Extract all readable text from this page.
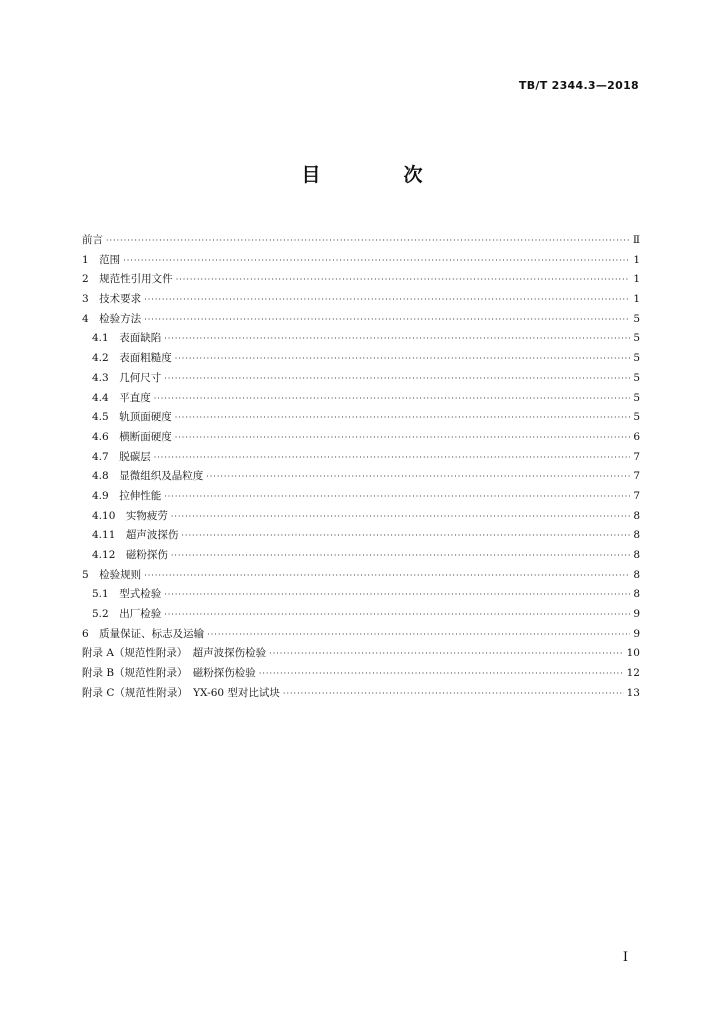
TB/T 2344.3—2018
目　次
前言 ·····	Ⅱ
1　范围 ·····	1
2　规范性引用文件 ·····	1
3　技术要求 ·····	1
4　检验方法 ·····	5
4.1　表面缺陷 ·····	5
4.2　表面粗糙度 ·····	5
4.3　几何尺寸 ·····	5
4.4　平直度 ·····	5
4.5　轨顶面硬度 ·····	5
4.6　横断面硬度 ·····	6
4.7　脱碳层 ·····	7
4.8　显微组织及晶粒度 ·····	7
4.9　拉伸性能 ·····	7
4.10　实物疲劳 ·····	8
4.11　超声波探伤 ·····	8
4.12　磁粉探伤 ·····	8
5　检验规则 ·····	8
5.1　型式检验 ·····	8
5.2　出厂检验 ·····	9
6　质量保证、标志及运输 ·····	9
附录 A（规范性附录）　超声波探伤检验 ·····	10
附录 B（规范性附录）　磁粉探伤检验 ·····	12
附录 C（规范性附录）　YX-60 型对比试块 ·····	13
I
